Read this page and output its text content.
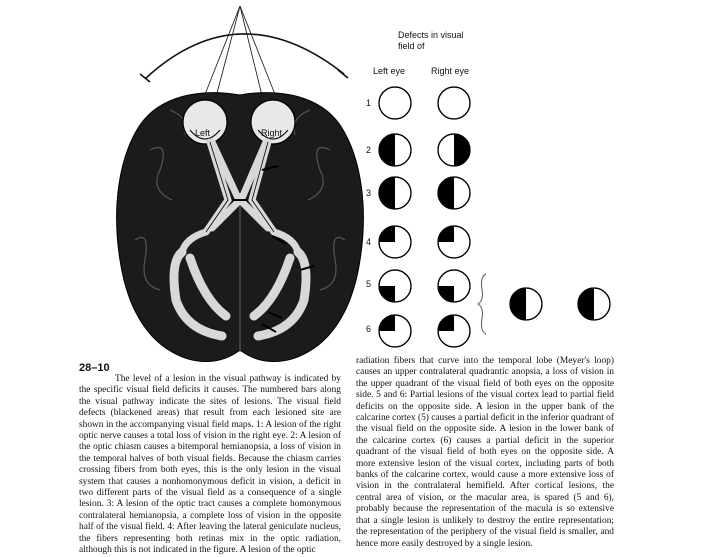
Defects in visual field of
Left eye	Right eye
Left	Right
1
2
3
4
5
6
28–10
The level of a lesion in the visual pathway is indicated by the specific visual field deficits it causes. The numbered bars along the visual pathway indicate the sites of lesions. The visual field defects (blackened areas) that result from each lesioned site are shown in the accompanying visual field maps. 1: A lesion of the right optic nerve causes a total loss of vision in the right eye. 2: A lesion of the optic chiasm causes a bitemporal hemianopsia, a loss of vision in the temporal halves of both visual fields. Because the chiasm carries crossing fibers from both eyes, this is the only lesion in the visual system that causes a nonhomonymous deficit in vision, a deficit in two different parts of the visual field as a consequence of a single lesion. 3: A lesion of the optic tract causes a complete homonymous contralateral hemianopsia, a complete loss of vision in the opposite half of the visual field. 4: After leaving the lateral geniculate nucleus, the fibers representing both retinas mix in the optic radiation, although this is not indicated in the figure. A lesion of the optic
radiation fibers that curve into the temporal lobe (Meyer's loop) causes an upper contralateral quadrantic anopsia, a loss of vision in the upper quadrant of the visual field of both eyes on the opposite side. 5 and 6: Partial lesions of the visual cortex lead to partial field deficits on the opposite side. A lesion in the upper bank of the calcarine cortex (5) causes a partial deficit in the inferior quadrant of the visual field on the opposite side. A lesion in the lower bank of the calcarine cortex (6) causes a partial deficit in the superior quadrant of the visual field of both eyes on the opposite side. A more extensive lesion of the visual cortex, including parts of both banks of the calcarine cortex, would cause a more extensive loss of vision in the contralateral hemifield. After cortical lesions, the central area of vision, or the macular area, is spared (5 and 6), probably because the representation of the macula is so extensive that a single lesion is unlikely to destroy the entire representation; the representation of the periphery of the visual field is smaller, and hence more easily destroyed by a single lesion.
